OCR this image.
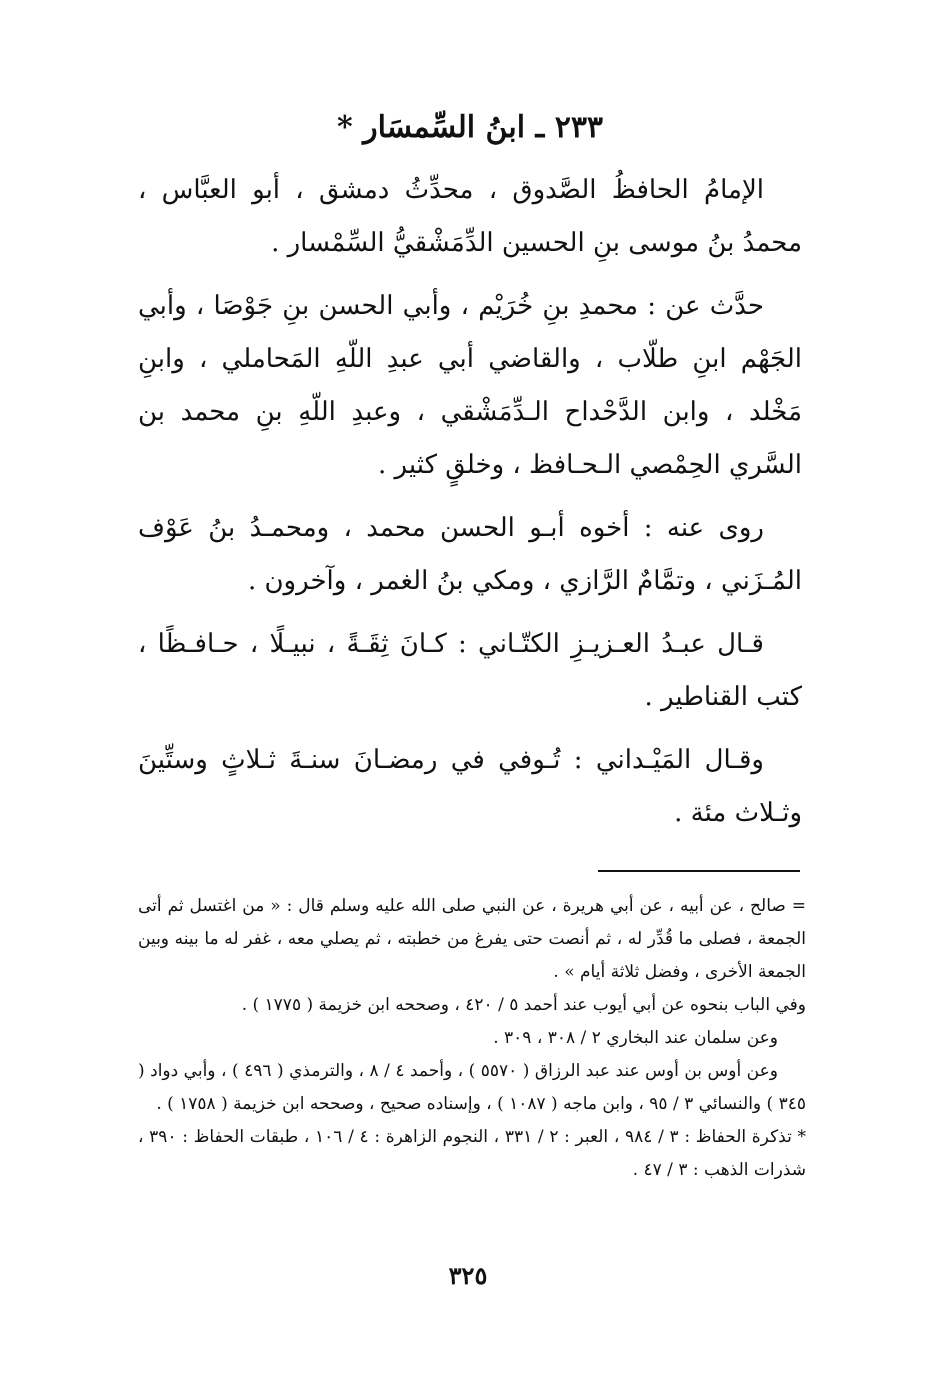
٢٣٣ ـ ابنُ السِّمسَار *

الإمامُ الحافظُ الصَّدوق ، محدِّثُ دمشق ، أبو العبَّاس ، محمدُ بنُ موسى بنِ الحسين الدِّمَشْقيُّ السِّمْسار .

حدَّث عن : محمدِ بنِ خُرَيْم ، وأبي الحسن بنِ جَوْصَا ، وأبي الجَهْم ابنِ طلّاب ، والقاضي أبي عبدِ اللّهِ المَحاملي ، وابنِ مَخْلد ، وابن الدَّحْداح الـدِّمَشْقي ، وعبدِ اللّهِ بنِ محمد بن السَّري الحِمْصي الـحـافظ ، وخلقٍ كثير .

روى عنه : أخوه أبـو الحسن محمد ، ومحمـدُ بنُ عَوْف المُـزَني ، وتمَّامٌ الرَّازي ، ومكي بنُ الغمر ، وآخرون .

قـال عبـدُ العـزيـزِ الكتّـاني : كـانَ ثِقَـةً ، نبيـلًا ، حـافـظًا ، كتب القناطير .

وقـال المَيْـداني : تُـوفي في رمضـانَ سنـةَ ثـلاثٍ وستِّينَ وثـلاث مئة .

= صالح ، عن أبيه ، عن أبي هريرة ، عن النبي صلى الله عليه وسلم قال : « من اغتسل ثم أتى الجمعة ، فصلى ما قُدِّر له ، ثم أنصت حتى يفرغ من خطبته ، ثم يصلي معه ، غفر له ما بينه وبين الجمعة الأخرى ، وفضل ثلاثة أيام » .

وفي الباب بنحوه عن أبي أيوب عند أحمد ٥ / ٤٢٠ ، وصححه ابن خزيمة ( ١٧٧٥ ) .

وعن سلمان عند البخاري ٢ / ٣٠٨ ، ٣٠٩ .

وعن أوس بن أوس عند عبد الرزاق ( ٥٥٧٠ ) ، وأحمد ٤ / ٨ ، والترمذي ( ٤٩٦ ) ، وأبي دواد ( ٣٤٥ ) والنسائي ٣ / ٩٥ ، وابن ماجه ( ١٠٨٧ ) ، وإسناده صحيح ، وصححه ابن خزيمة ( ١٧٥٨ ) .

* تذكرة الحفاظ : ٣ / ٩٨٤ ، العبر : ٢ / ٣٣١ ، النجوم الزاهرة : ٤ / ١٠٦ ، طبقات الحفاظ : ٣٩٠ ، شذرات الذهب : ٣ / ٤٧ .

٣٢٥
